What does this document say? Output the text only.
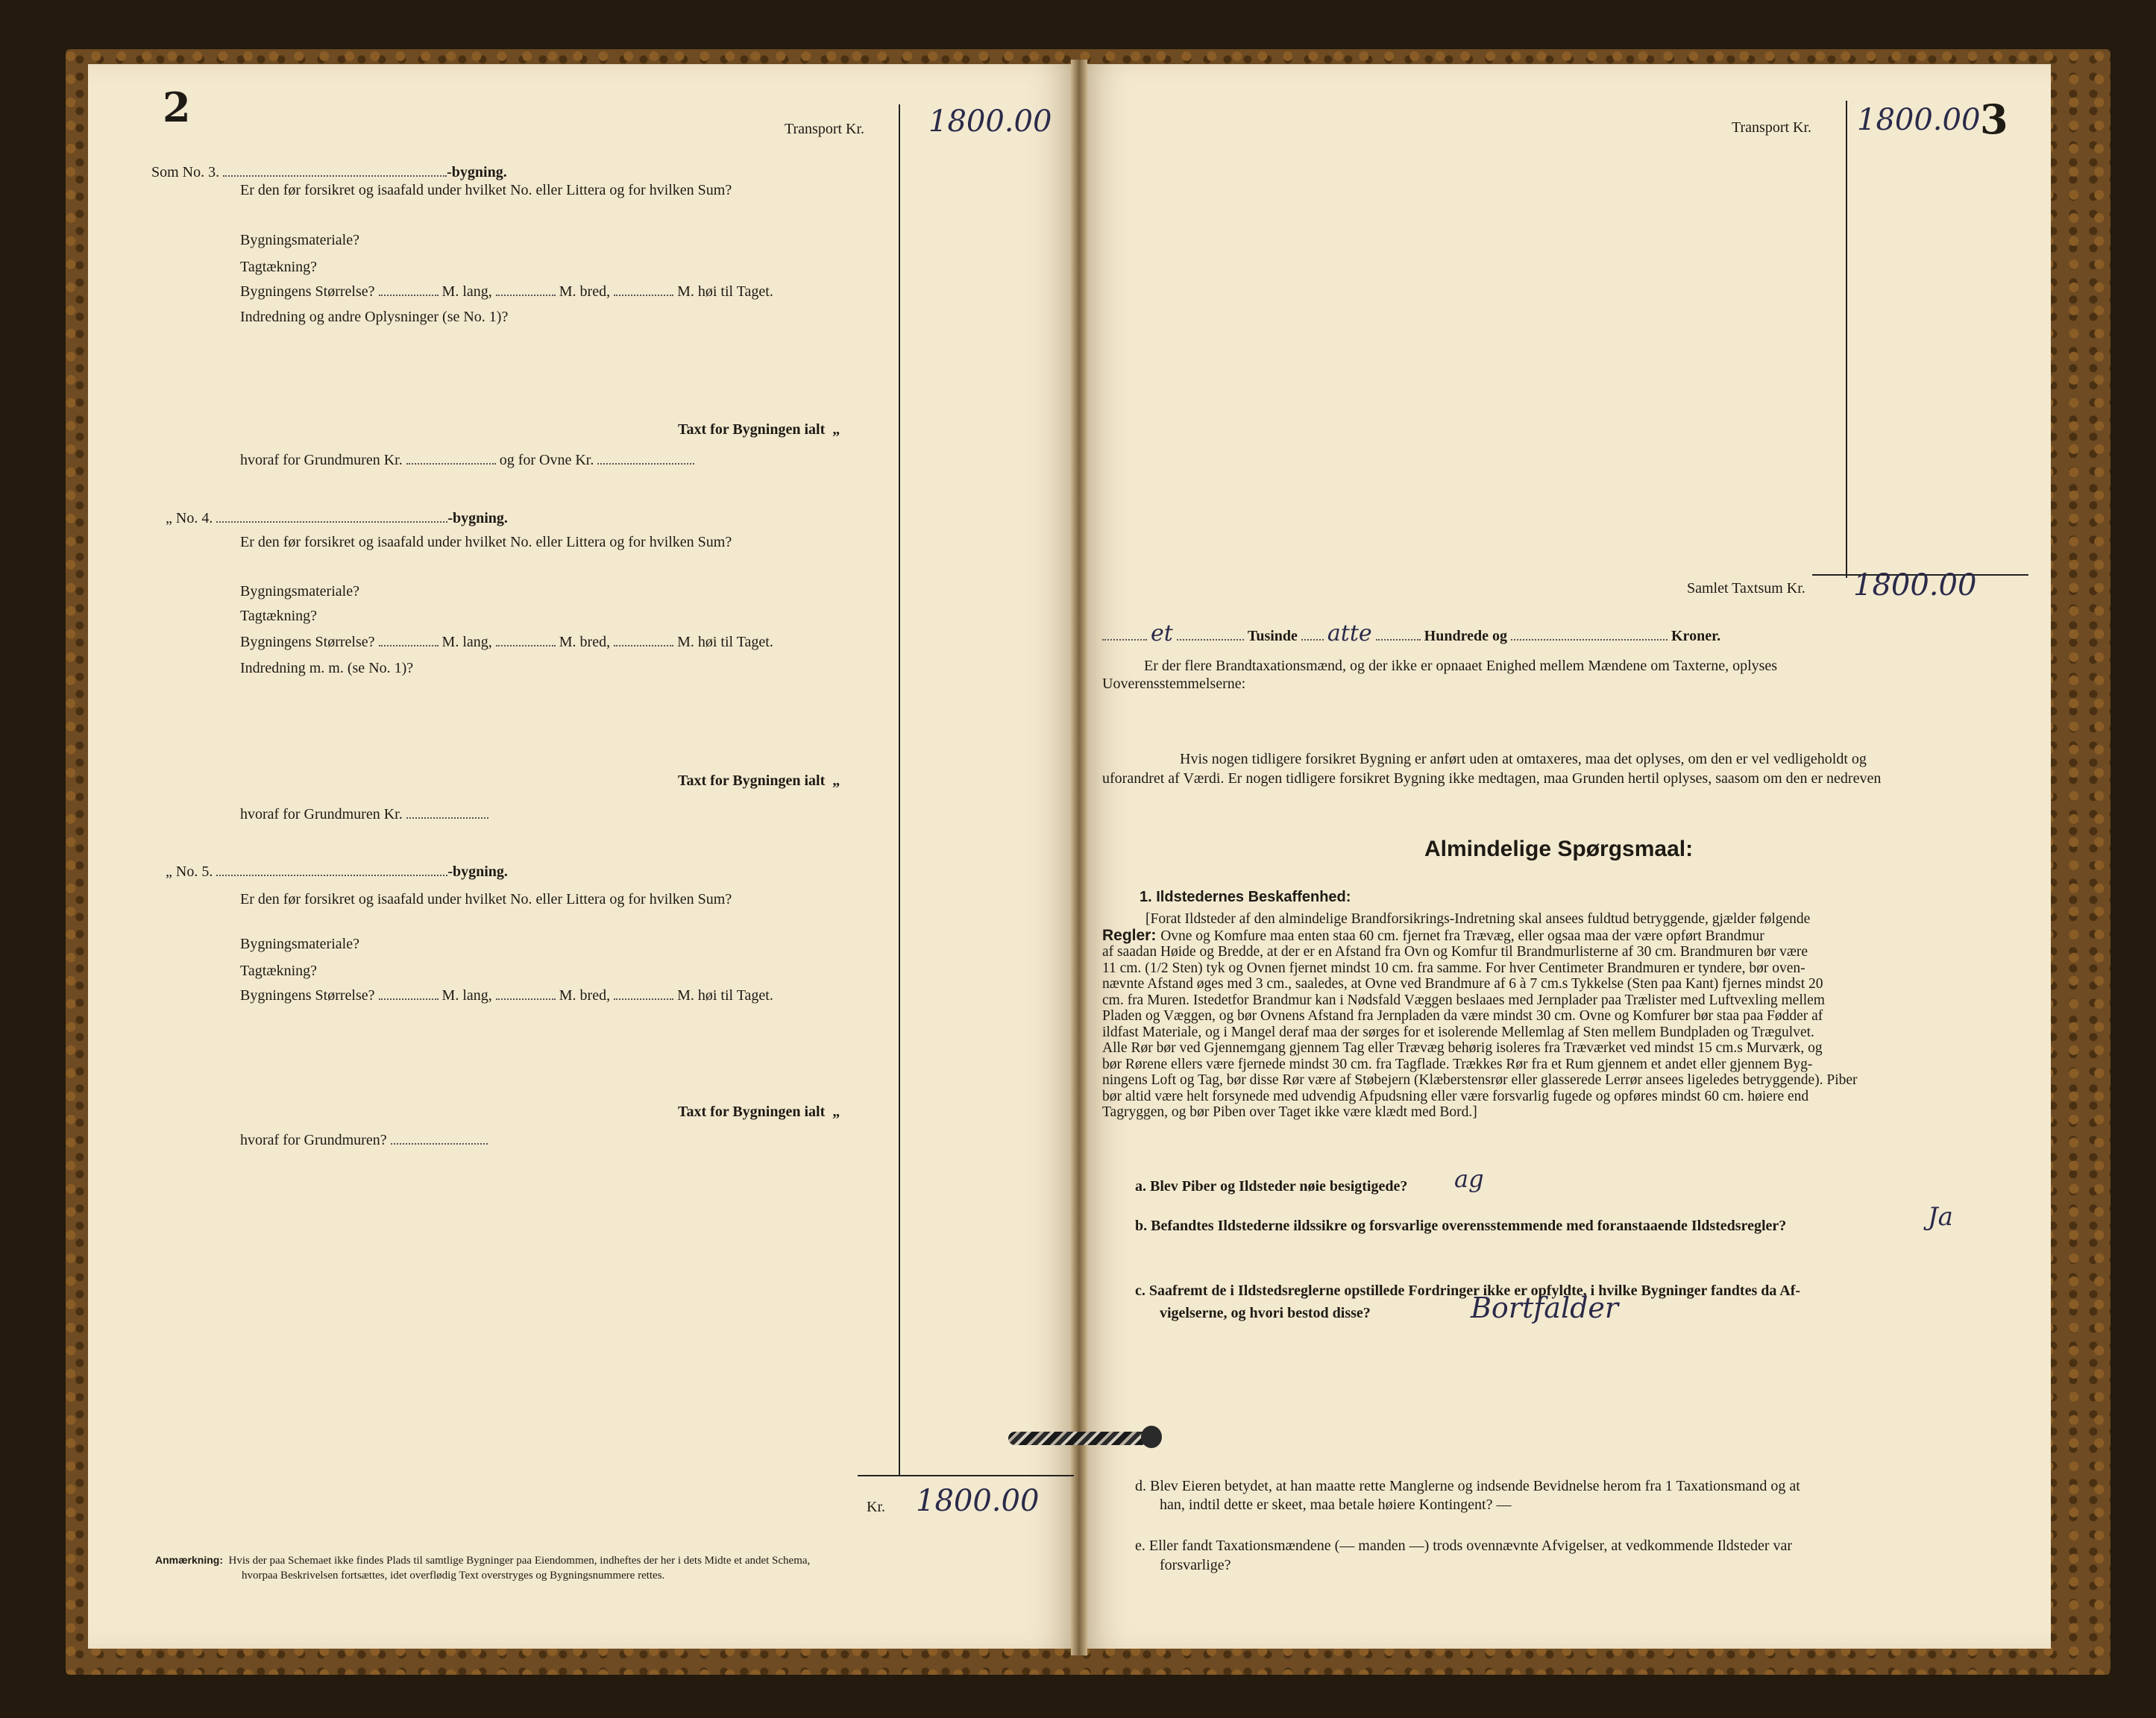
2	Transport Kr. 1800.00
Som No. 3.	-bygning.
Er den før forsikret og isaafald under hvilket No. eller Littera og for hvilken Sum?
Bygningsmateriale?
Tagtækning?
Bygningens Størrelse?	M. lang,	M. bred,	M. høi til Taget.
Indredning og andre Oplysninger (se No. 1)?
Taxt for Bygningen ialt „
hvoraf for Grundmuren Kr.	og for Ovne Kr.
„ No. 4.	-bygning.
Er den før forsikret og isaafald under hvilket No. eller Littera og for hvilken Sum?
Bygningsmateriale?
Tagtækning?
Bygningens Størrelse?	M. lang,	M. bred,	M. høi til Taget.
Indredning m. m. (se No. 1)?
Taxt for Bygningen ialt „
hvoraf for Grundmuren Kr.
„ No. 5.	-bygning.
Er den før forsikret og isaafald under hvilket No. eller Littera og for hvilken Sum?
Bygningsmateriale?
Tagtækning?
Bygningens Størrelse?	M. lang,	M. bred,	M. høi til Taget.
Taxt for Bygningen ialt „
hvoraf for Grundmuren?
Kr. 1800.00
Anmærkning: Hvis der paa Schemaet ikke findes Plads til samtlige Bygninger paa Eiendommen, indheftes der her i dets Midte et andet Schema,
hvorpaa Beskrivelsen fortsættes, idet overflødig Text overstryges og Bygningsnummere rettes.
3
Transport Kr. 1800.00
Samlet Taxtsum Kr. 1800.00
et	Tusinde atte	Hundrede og	Kroner.
Er der flere Brandtaxationsmænd, og der ikke er opnaaet Enighed mellem Mændene om Taxterne, oplyses
Uoverensstemmelserne:
Hvis nogen tidligere forsikret Bygning er anført uden at omtaxeres, maa det oplyses, om den er vel vedligeholdt og
uforandret af Værdi. Er nogen tidligere forsikret Bygning ikke medtagen, maa Grunden hertil oplyses, saasom om den er nedreven
Almindelige Spørgsmaal:
1. Ildstedernes Beskaffenhed:
[Forat Ildsteder af den almindelige Brandforsikrings-Indretning skal ansees fuldtud betryggende, gjælder følgende
Regler: Ovne og Komfure maa enten staa 60 cm. fjernet fra Trævæg, eller ogsaa maa der være opført Brandmur
af saadan Høide og Bredde, at der er en Afstand fra Ovn og Komfur til Brandmurlisterne af 30 cm. Brandmuren bør være
11 cm. (1/2 Sten) tyk og Ovnen fjernet mindst 10 cm. fra samme. For hver Centimeter Brandmuren er tyndere, bør oven-
nævnte Afstand øges med 3 cm., saaledes, at Ovne ved Brandmure af 6 à 7 cm.s Tykkelse (Sten paa Kant) fjernes mindst 20
cm. fra Muren. Istedetfor Brandmur kan i Nødsfald Væggen beslaaes med Jernplader paa Trælister med Luftvexling mellem
Pladen og Væggen, og bør Ovnens Afstand fra Jernpladen da være mindst 30 cm. Ovne og Komfurer bør staa paa Fødder af
ildfast Materiale, og i Mangel deraf maa der sørges for et isolerende Mellemlag af Sten mellem Bundpladen og Trægulvet.
Alle Rør bør ved Gjennemgang gjennem Tag eller Trævæg behørig isoleres fra Træværket ved mindst 15 cm.s Murværk, og
bør Rørene ellers være fjernede mindst 30 cm. fra Tagflade. Trækkes Rør fra et Rum gjennem et andet eller gjennem Byg-
ningens Loft og Tag, bør disse Rør være af Støbejern (Klæberstensrør eller glasserede Lerrør ansees ligeledes betryggende). Piber
bør altid være helt forsynede med udvendig Afpudsning eller være forsvarlig fugede og opføres mindst 60 cm. høiere end
Tagryggen, og bør Piben over Taget ikke være klædt med Bord.]
a. Blev Piber og Ildsteder nøie besigtigede? ag
b. Befandtes Ildstederne ildssikre og forsvarlige overensstemmende med foranstaaende Ildstedsregler?	Ja
c. Saafremt de i Ildstedsreglerne opstillede Fordringer ikke er opfyldte, i hvilke Bygninger fandtes da Af-
vigelserne, og hvori bestod disse?	Bortfalder
d. Blev Eieren betydet, at han maatte rette Manglerne og indsende Bevidnelse herom fra 1 Taxationsmand og at
han, indtil dette er skeet, maa betale høiere Kontingent? —
e. Eller fandt Taxationsmændene (— manden —) trods ovennævnte Afvigelser, at vedkommende Ildsteder var
forsvarlige?
